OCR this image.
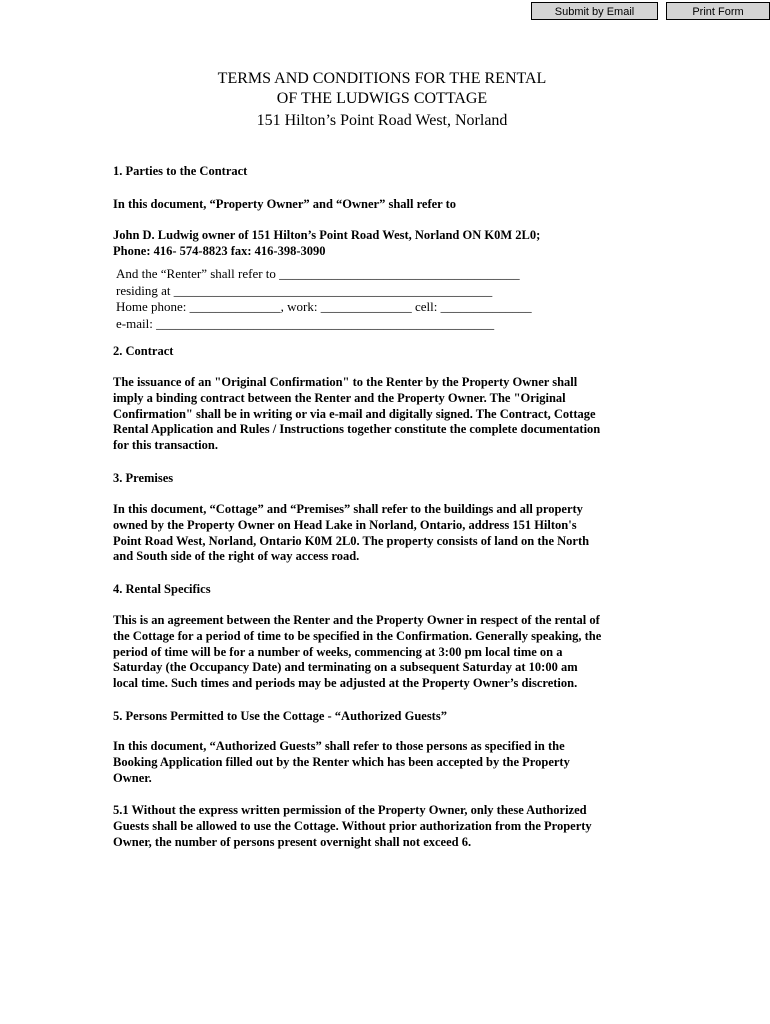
Submit by Email	Print Form
TERMS AND CONDITIONS FOR THE RENTAL
OF THE LUDWIGS COTTAGE
151 Hilton’s Point Road West, Norland
1. Parties to the Contract
In this document, “Property Owner” and “Owner” shall refer to
John D. Ludwig owner of 151 Hilton’s Point Road West, Norland ON K0M 2L0;
Phone: 416- 574-8823 fax: 416-398-3090
And the “Renter” shall refer to _____________________________________
residing at _________________________________________________
Home phone: ______________, work: ______________ cell: ______________
e-mail: ____________________________________________________
2. Contract
The issuance of an "Original Confirmation" to the Renter by the Property Owner shall
imply a binding contract between the Renter and the Property Owner. The "Original
Confirmation" shall be in writing or via e-mail and digitally signed. The Contract, Cottage
Rental Application and Rules / Instructions together constitute the complete documentation
for this transaction.
3. Premises
In this document, “Cottage” and “Premises” shall refer to the buildings and all property
owned by the Property Owner on Head Lake in Norland, Ontario, address 151 Hilton's
Point Road West, Norland, Ontario K0M 2L0. The property consists of land on the North
and South side of the right of way access road.
4. Rental Specifics
This is an agreement between the Renter and the Property Owner in respect of the rental of
the Cottage for a period of time to be specified in the Confirmation. Generally speaking, the
period of time will be for a number of weeks, commencing at 3:00 pm local time on a
Saturday (the Occupancy Date) and terminating on a subsequent Saturday at 10:00 am
local time. Such times and periods may be adjusted at the Property Owner’s discretion.
5. Persons Permitted to Use the Cottage - “Authorized Guests”
In this document, “Authorized Guests” shall refer to those persons as specified in the
Booking Application filled out by the Renter which has been accepted by the Property
Owner.
5.1 Without the express written permission of the Property Owner, only these Authorized
Guests shall be allowed to use the Cottage. Without prior authorization from the Property
Owner, the number of persons present overnight shall not exceed 6.
